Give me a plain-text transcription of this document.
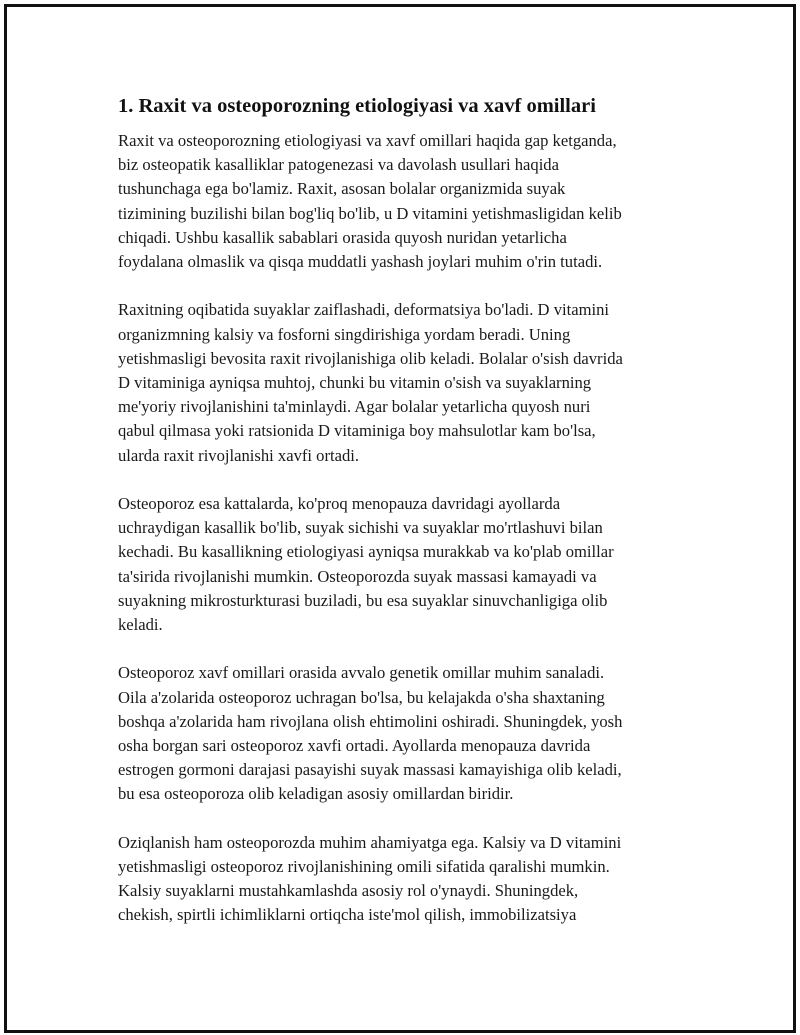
1. Raxit va osteoporozning etiologiyasi va xavf omillari

Raxit va osteoporozning etiologiyasi va xavf omillari haqida gap ketganda,
biz osteopatik kasalliklar patogenezasi va davolash usullari haqida
tushunchaga ega bo'lamiz. Raxit, asosan bolalar organizmida suyak
tizimining buzilishi bilan bog'liq bo'lib, u D vitamini yetishmasligidan kelib
chiqadi. Ushbu kasallik sabablari orasida quyosh nuridan yetarlicha
foydalana olmaslik va qisqa muddatli yashash joylari muhim o'rin tutadi.

Raxitning oqibatida suyaklar zaiflashadi, deformatsiya bo'ladi. D vitamini
organizmning kalsiy va fosforni singdirishiga yordam beradi. Uning
yetishmasligi bevosita raxit rivojlanishiga olib keladi. Bolalar o'sish davrida
D vitaminiga ayniqsa muhtoj, chunki bu vitamin o'sish va suyaklarning
me'yoriy rivojlanishini ta'minlaydi. Agar bolalar yetarlicha quyosh nuri
qabul qilmasa yoki ratsionida D vitaminiga boy mahsulotlar kam bo'lsa,
ularda raxit rivojlanishi xavfi ortadi.

Osteoporoz esa kattalarda, ko'proq menopauza davridagi ayollarda
uchraydigan kasallik bo'lib, suyak sichishi va suyaklar mo'rtlashuvi bilan
kechadi. Bu kasallikning etiologiyasi ayniqsa murakkab va ko'plab omillar
ta'sirida rivojlanishi mumkin. Osteoporozda suyak massasi kamayadi va
suyakning mikrosturkturasi buziladi, bu esa suyaklar sinuvchanligiga olib
keladi.

Osteoporoz xavf omillari orasida avvalo genetik omillar muhim sanaladi.
Oila a'zolarida osteoporoz uchragan bo'lsa, bu kelajakda o'sha shaxtaning
boshqa a'zolarida ham rivojlana olish ehtimolini oshiradi. Shuningdek, yosh
osha borgan sari osteoporoz xavfi ortadi. Ayollarda menopauza davrida
estrogen gormoni darajasi pasayishi suyak massasi kamayishiga olib keladi,
bu esa osteoporoza olib keladigan asosiy omillardan biridir.

Oziqlanish ham osteoporozda muhim ahamiyatga ega. Kalsiy va D vitamini
yetishmasligi osteoporoz rivojlanishining omili sifatida qaralishi mumkin.
Kalsiy suyaklarni mustahkamlashda asosiy rol o'ynaydi. Shuningdek,
chekish, spirtli ichimliklarni ortiqcha iste'mol qilish, immobilizatsiya
